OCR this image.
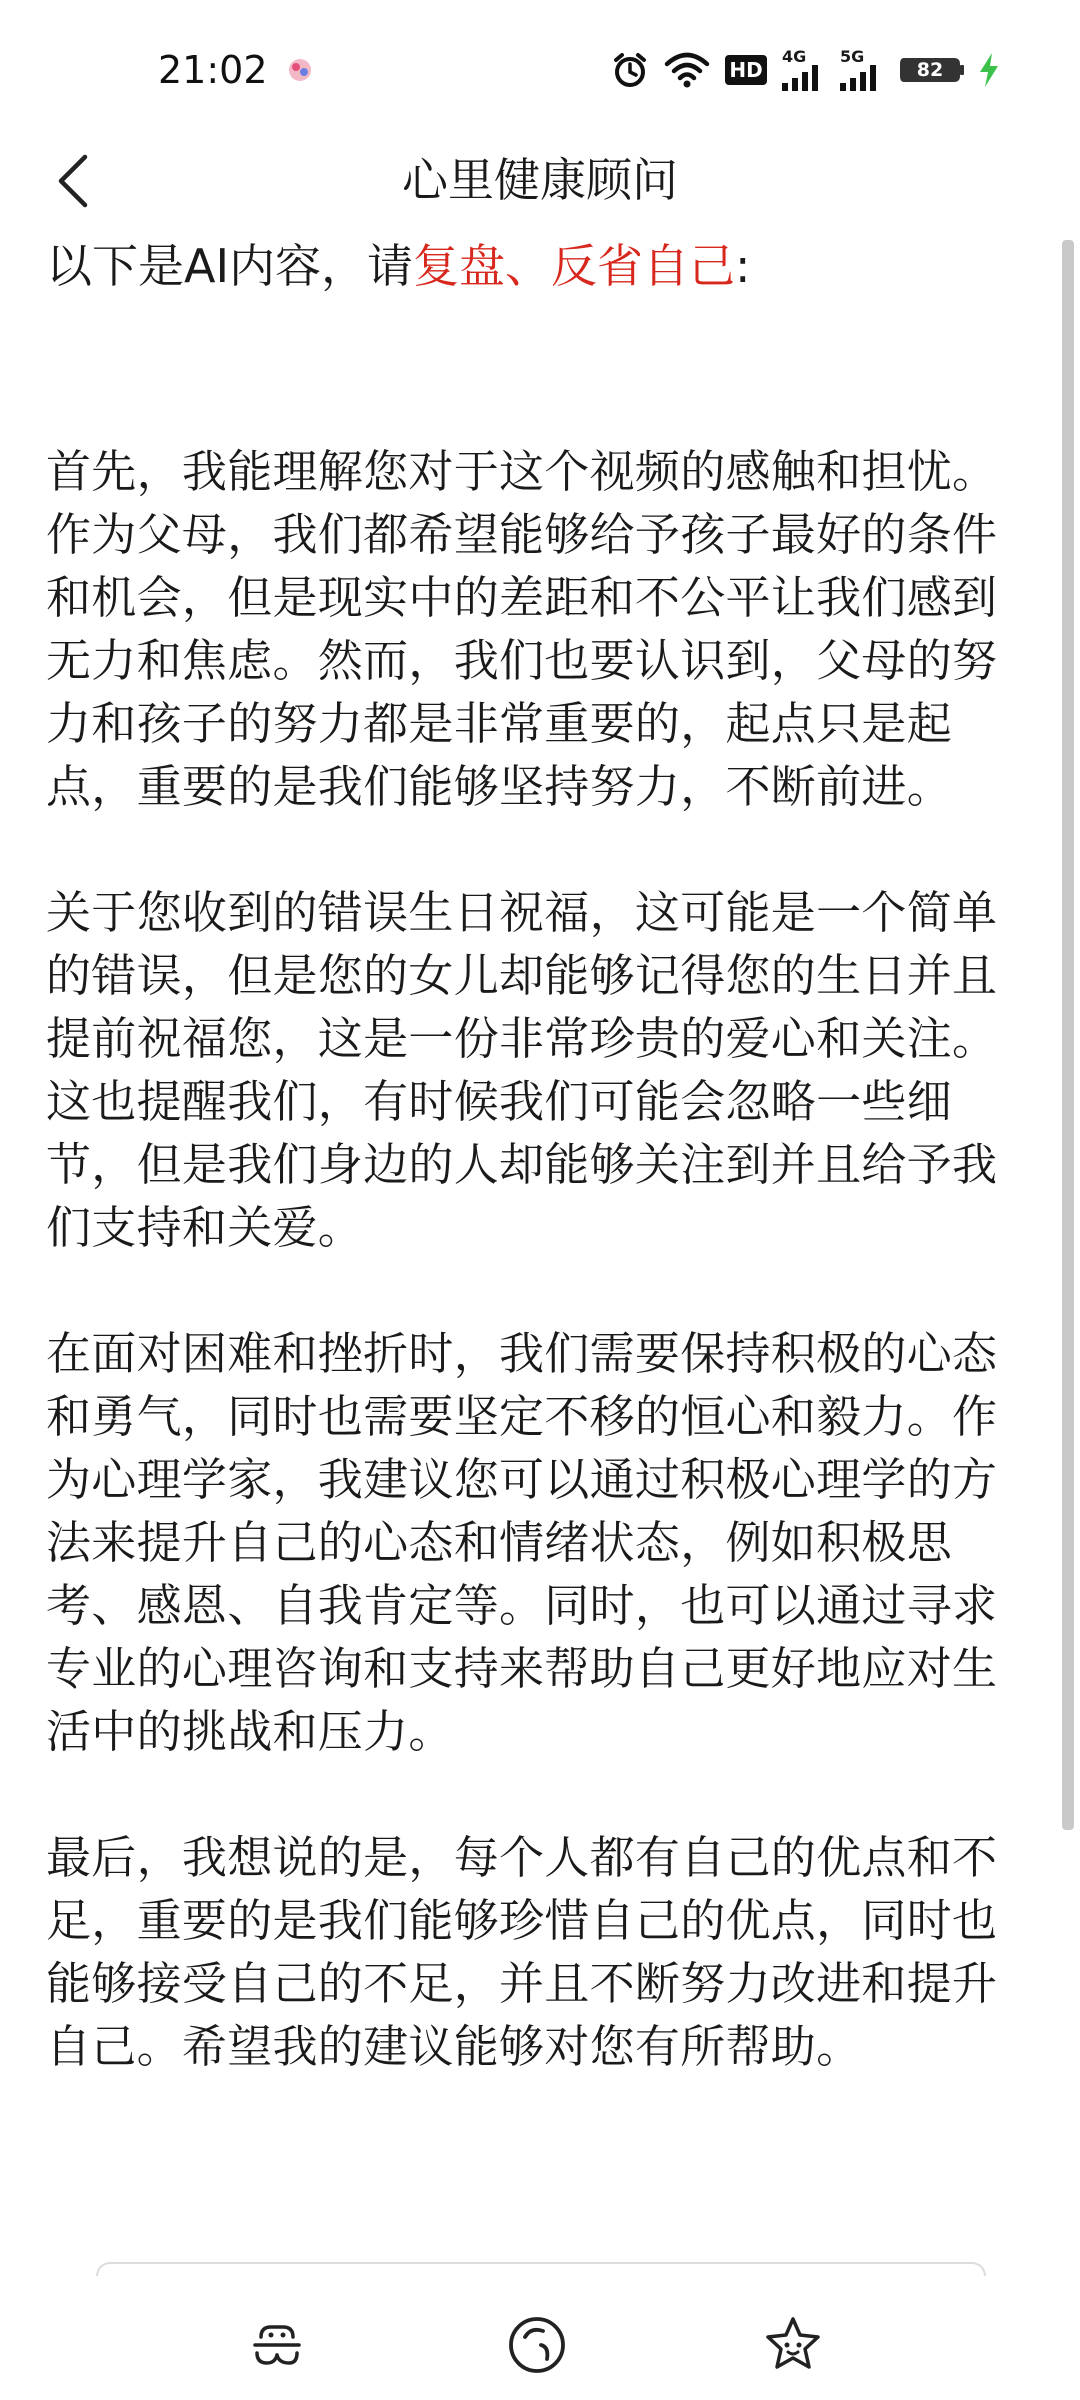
21:02	HD
4G 5G
82
心里健康顾问

以下是AI内容，请复盘、反省自己:

首先，我能理解您对于这个视频的感触和担忧。作为父母，我们都希望能够给予孩子最好的条件和机会，但是现实中的差距和不公平让我们感到无力和焦虑。然而，我们也要认识到，父母的努力和孩子的努力都是非常重要的，起点只是起点，重要的是我们能够坚持努力，不断前进。

关于您收到的错误生日祝福，这可能是一个简单的错误，但是您的女儿却能够记得您的生日并且提前祝福您，这是一份非常珍贵的爱心和关注。这也提醒我们，有时候我们可能会忽略一些细节，但是我们身边的人却能够关注到并且给予我们支持和关爱。

在面对困难和挫折时，我们需要保持积极的心态和勇气，同时也需要坚定不移的恒心和毅力。作为心理学家，我建议您可以通过积极心理学的方法来提升自己的心态和情绪状态，例如积极思考、感恩、自我肯定等。同时，也可以通过寻求专业的心理咨询和支持来帮助自己更好地应对生活中的挑战和压力。

最后，我想说的是，每个人都有自己的优点和不足，重要的是我们能够珍惜自己的优点，同时也能够接受自己的不足，并且不断努力改进和提升自己。希望我的建议能够对您有所帮助。
